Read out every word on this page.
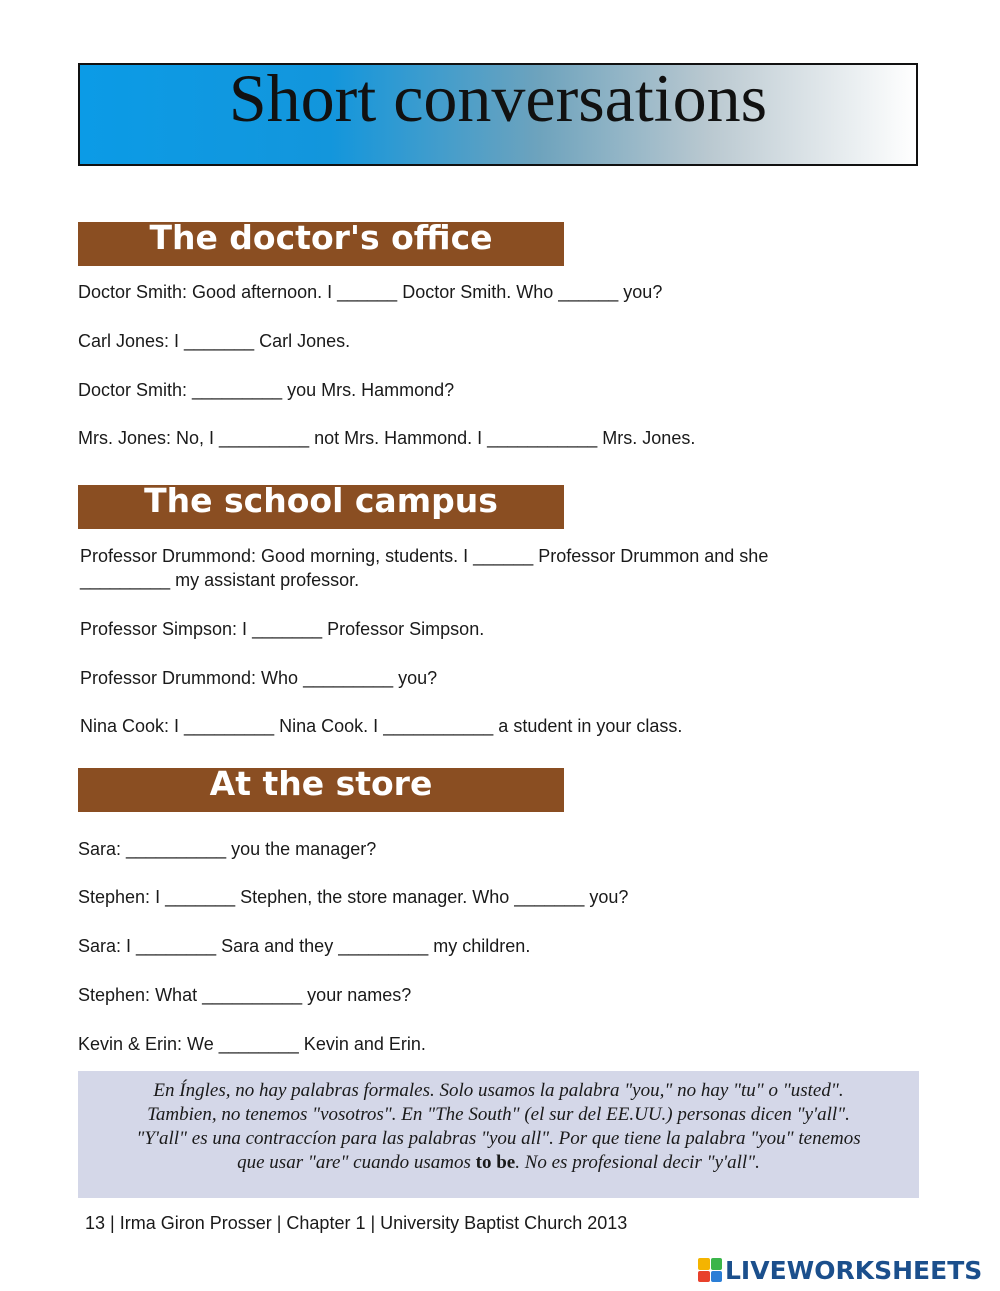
Short conversations
The doctor's office
Doctor Smith: Good afternoon. I ______ Doctor Smith. Who ______ you?
Carl Jones: I _______ Carl Jones.
Doctor Smith: _________ you Mrs. Hammond?
Mrs. Jones: No, I _________ not Mrs. Hammond. I ___________ Mrs. Jones.
The school campus
Professor Drummond: Good morning, students. I ______ Professor Drummon and she _________ my assistant professor.
Professor Simpson: I _______ Professor Simpson.
Professor Drummond: Who _________ you?
Nina Cook: I _________ Nina Cook. I ___________ a student in your class.
At the store
Sara: __________ you the manager?
Stephen: I _______ Stephen, the store manager. Who _______ you?
Sara: I ________ Sara and they _________ my children.
Stephen: What __________ your names?
Kevin & Erin: We ________ Kevin and Erin.
En Íngles, no hay palabras formales. Solo usamos la palabra "you," no hay "tu" o "usted".
Tambien, no tenemos "vosotros". En "The South" (el sur del EE.UU.) personas dicen "y'all".
"Y'all" es una contraccíon para las palabras "you all". Por que tiene la palabra "you" tenemos
que usar "are" cuando usamos to be. No es profesional decir "y'all".
13 | Irma Giron Prosser | Chapter 1 | University Baptist Church 2013
LIVEWORKSHEETS
